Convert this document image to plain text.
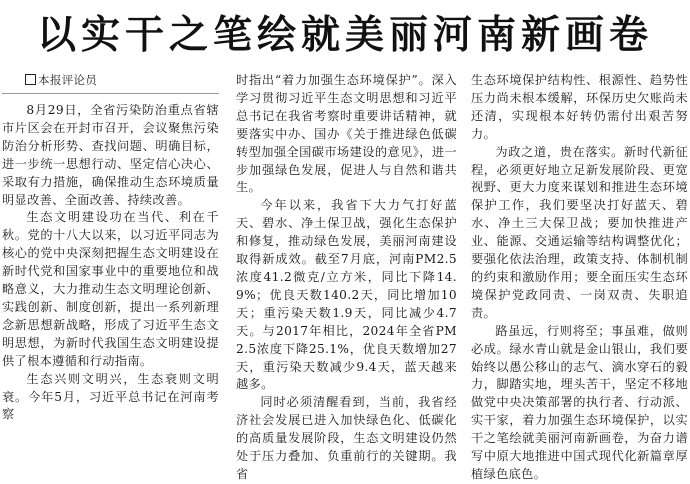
以实干之笔绘就美丽河南新画卷

本报评论员

8月29日，全省污染防治重点省辖市片区会在开封市召开，会议聚焦污染防治分析形势、查找问题、明确目标，进一步统一思想行动、坚定信心决心、采取有力措施，确保推动生态环境质量明显改善、全面改善、持续改善。

生态文明建设功在当代、利在千秋。党的十八大以来，以习近平同志为核心的党中央深刻把握生态文明建设在新时代党和国家事业中的重要地位和战略意义，大力推动生态文明理论创新、实践创新、制度创新，提出一系列新理念新思想新战略，形成了习近平生态文明思想，为新时代我国生态文明建设提供了根本遵循和行动指南。

生态兴则文明兴，生态衰则文明衰。今年5月，习近平总书记在河南考察

时指出“着力加强生态环境保护”。深入学习贯彻习近平生态文明思想和习近平总书记在我省考察时重要讲话精神，就要落实中办、国办《关于推进绿色低碳转型加强全国碳市场建设的意见》，进一步加强绿色发展，促进人与自然和谐共生。

今年以来，我省下大力气打好蓝天、碧水、净土保卫战，强化生态保护和修复，推动绿色发展，美丽河南建设取得新成效。截至7月底，河南PM2.5浓度41.2微克/立方米，同比下降14.9%；优良天数140.2天，同比增加10天；重污染天数1.9天，同比减少4.7天。与2017年相比，2024年全省PM2.5浓度下降25.1%，优良天数增加27天，重污染天数减少9.4天，蓝天越来越多。

同时必须清醒看到，当前，我省经济社会发展已进入加快绿色化、低碳化的高质量发展阶段，生态文明建设仍然处于压力叠加、负重前行的关键期。我省

生态环境保护结构性、根源性、趋势性压力尚未根本缓解，环保历史欠账尚未还清，实现根本好转仍需付出艰苦努力。

为政之道，贵在落实。新时代新征程，必须更好地立足新发展阶段、更宽视野、更大力度来谋划和推进生态环境保护工作，我们要坚决打好蓝天、碧水、净土三大保卫战；要加快推进产业、能源、交通运输等结构调整优化；要强化依法治理，政策支持、体制机制的约束和激励作用；要全面压实生态环境保护党政同责、一岗双责、失职追责。

路虽远，行则将至；事虽难，做则必成。绿水青山就是金山银山，我们要始终以愚公移山的志气、滴水穿石的毅力，脚踏实地，埋头苦干，坚定不移地做党中央决策部署的执行者、行动派、实干家，着力加强生态环境保护，以实干之笔绘就美丽河南新画卷，为奋力谱写中原大地推进中国式现代化新篇章厚植绿色底色。
